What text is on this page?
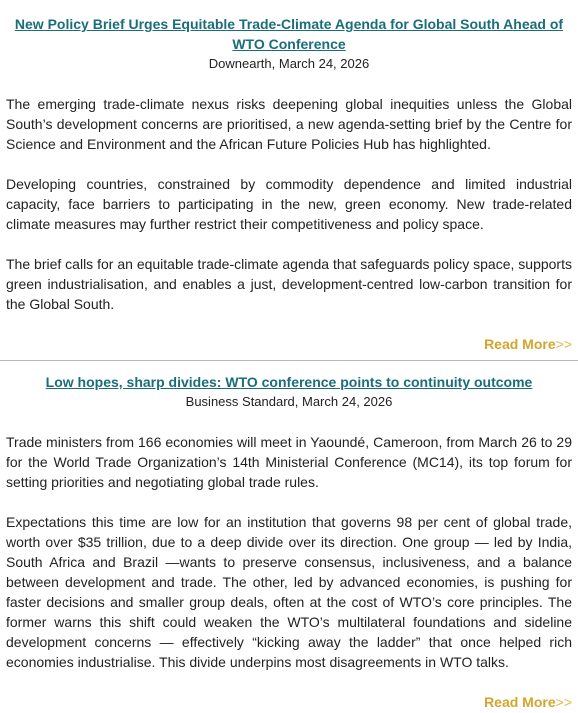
New Policy Brief Urges Equitable Trade-Climate Agenda for Global South Ahead of WTO Conference
Downearth, March 24, 2026

The emerging trade-climate nexus risks deepening global inequities unless the Global South’s development concerns are prioritised, a new agenda-setting brief by the Centre for Science and Environment and the African Future Policies Hub has highlighted.

Developing countries, constrained by commodity dependence and limited industrial capacity, face barriers to participating in the new, green economy. New trade-related climate measures may further restrict their competitiveness and policy space.

The brief calls for an equitable trade-climate agenda that safeguards policy space, supports green industrialisation, and enables a just, development-centred low-carbon transition for the Global South.

Read More>>
Low hopes, sharp divides: WTO conference points to continuity outcome
Business Standard, March 24, 2026

Trade ministers from 166 economies will meet in Yaoundé, Cameroon, from March 26 to 29 for the World Trade Organization’s 14th Ministerial Conference (MC14), its top forum for setting priorities and negotiating global trade rules.

Expectations this time are low for an institution that governs 98 per cent of global trade, worth over $35 trillion, due to a deep divide over its direction. One group — led by India, South Africa and Brazil —wants to preserve consensus, inclusiveness, and a balance between development and trade. The other, led by advanced economies, is pushing for faster decisions and smaller group deals, often at the cost of WTO’s core principles. The former warns this shift could weaken the WTO’s multilateral foundations and sideline development concerns — effectively “kicking away the ladder” that once helped rich economies industrialise. This divide underpins most disagreements in WTO talks.

Read More>>
